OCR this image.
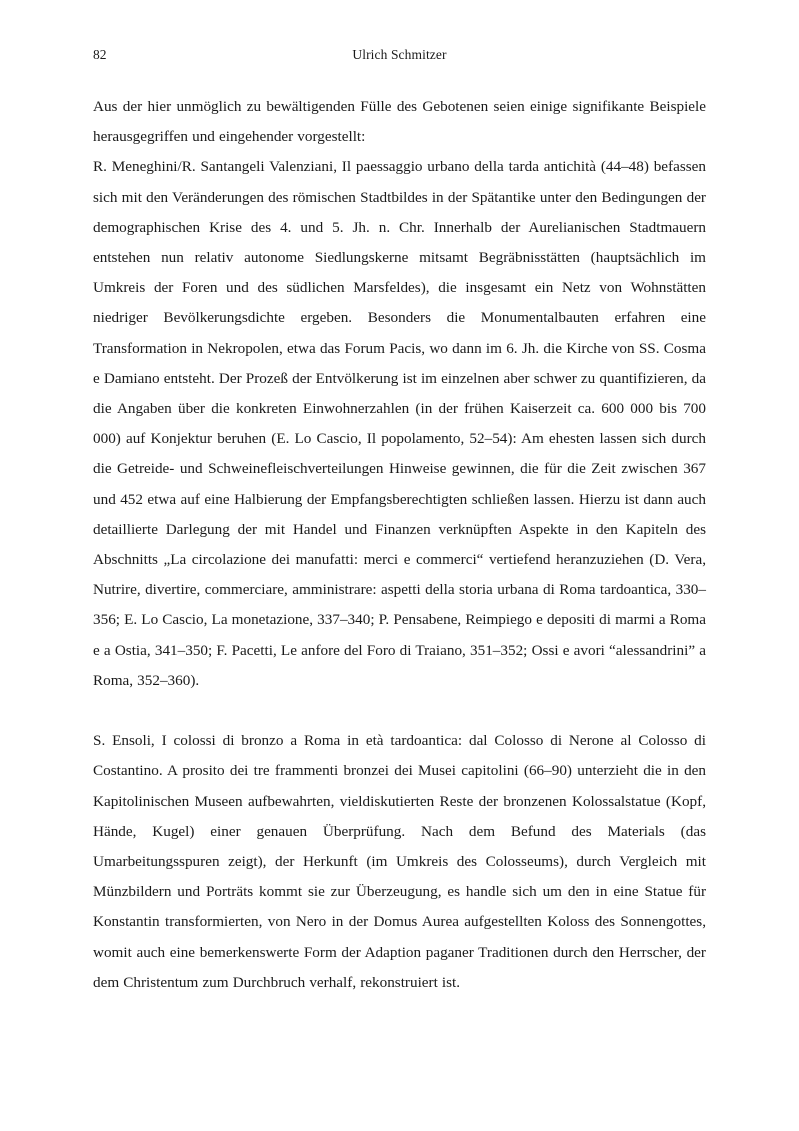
82	Ulrich Schmitzer

Aus der hier unmöglich zu bewältigenden Fülle des Gebotenen seien einige signifikante Beispiele herausgegriffen und eingehender vorgestellt:

R. Meneghini/R. Santangeli Valenziani, Il paessaggio urbano della tarda antichità (44–48) befassen sich mit den Veränderungen des römischen Stadtbildes in der Spätantike unter den Bedingungen der demographischen Krise des 4. und 5. Jh. n. Chr. Innerhalb der Aurelianischen Stadtmauern entstehen nun relativ autonome Siedlungskerne mitsamt Begräbnisstätten (hauptsächlich im Umkreis der Foren und des südlichen Marsfeldes), die insgesamt ein Netz von Wohnstätten niedriger Bevölkerungsdichte ergeben. Besonders die Monumentalbauten erfahren eine Transformation in Nekropolen, etwa das Forum Pacis, wo dann im 6. Jh. die Kirche von SS. Cosma e Damiano entsteht. Der Prozeß der Entvölkerung ist im einzelnen aber schwer zu quantifizieren, da die Angaben über die konkreten Einwohnerzahlen (in der frühen Kaiserzeit ca. 600 000 bis 700 000) auf Konjektur beruhen (E. Lo Cascio, Il popolamento, 52–54): Am ehesten lassen sich durch die Getreide- und Schweinefleischverteilungen Hinweise gewinnen, die für die Zeit zwischen 367 und 452 etwa auf eine Halbierung der Empfangsberechtigten schließen lassen. Hierzu ist dann auch detaillierte Darlegung der mit Handel und Finanzen verknüpften Aspekte in den Kapiteln des Abschnitts „La circolazione dei manufatti: merci e commerci“ vertiefend heranzuziehen (D. Vera, Nutrire, divertire, commerciare, amministrare: aspetti della storia urbana di Roma tardoantica, 330–356; E. Lo Cascio, La monetazione, 337–340; P. Pensabene, Reimpiego e depositi di marmi a Roma e a Ostia, 341–350; F. Pacetti, Le anfore del Foro di Traiano, 351–352; Ossi e avori “alessandrini” a Roma, 352–360).

S. Ensoli, I colossi di bronzo a Roma in età tardoantica: dal Colosso di Nerone al Colosso di Costantino. A prosito dei tre frammenti bronzei dei Musei capitolini (66–90) unterzieht die in den Kapitolinischen Museen aufbewahrten, vieldiskutierten Reste der bronzenen Kolossalstatue (Kopf, Hände, Kugel) einer genauen Überprüfung. Nach dem Befund des Materials (das Umarbeitungsspuren zeigt), der Herkunft (im Umkreis des Colosseums), durch Vergleich mit Münzbildern und Porträts kommt sie zur Überzeugung, es handle sich um den in eine Statue für Konstantin transformierten, von Nero in der Domus Aurea aufgestellten Koloss des Sonnengottes, womit auch eine bemerkenswerte Form der Adaption paganer Traditionen durch den Herrscher, der dem Christentum zum Durchbruch verhalf, rekonstruiert ist.
